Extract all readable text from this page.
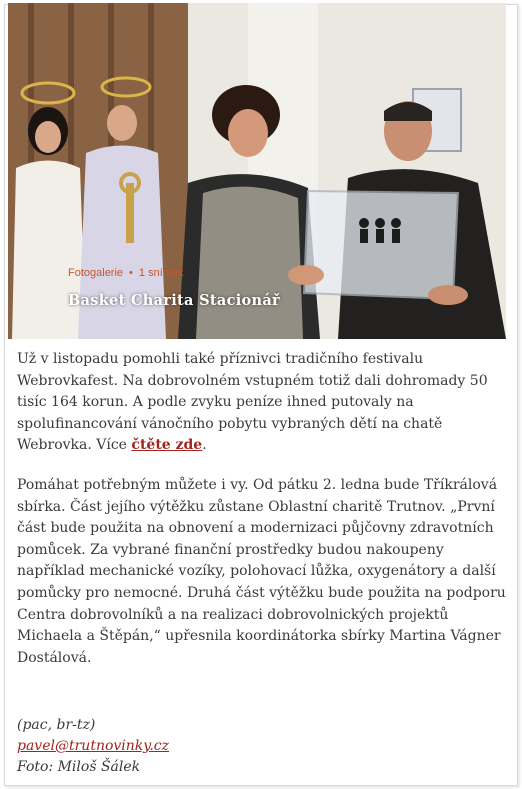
Fotogalerie • 1 snímek
Basket Charita Stacionář

Už v listopadu pomohli také příznivci tradičního festivalu Webrovkafest. Na dobrovolném vstupném totiž dali dohromady 50 tisíc 164 korun. A podle zvyku peníze ihned putovaly na spolufinancování vánočního pobytu vybraných dětí na chatě Webrovka. Více čtěte zde.

Pomáhat potřebným můžete i vy. Od pátku 2. ledna bude Tříkrálová sbírka. Část jejího výtěžku zůstane Oblastní charitě Trutnov. „První část bude použita na obnovení a modernizaci půjčovny zdravotních pomůcek. Za vybrané finanční prostředky budou nakoupeny například mechanické vozíky, polohovací lůžka, oxygenátory a další pomůcky pro nemocné. Druhá část výtěžku bude použita na podporu Centra dobrovolníků a na realizaci dobrovolnických projektů Michaela a Štěpán,“ upřesnila koordinátorka sbírky Martina Vágner Dostálová.

(pac, br-tz)
pavel@trutnovinky.cz
Foto: Miloš Šálek
